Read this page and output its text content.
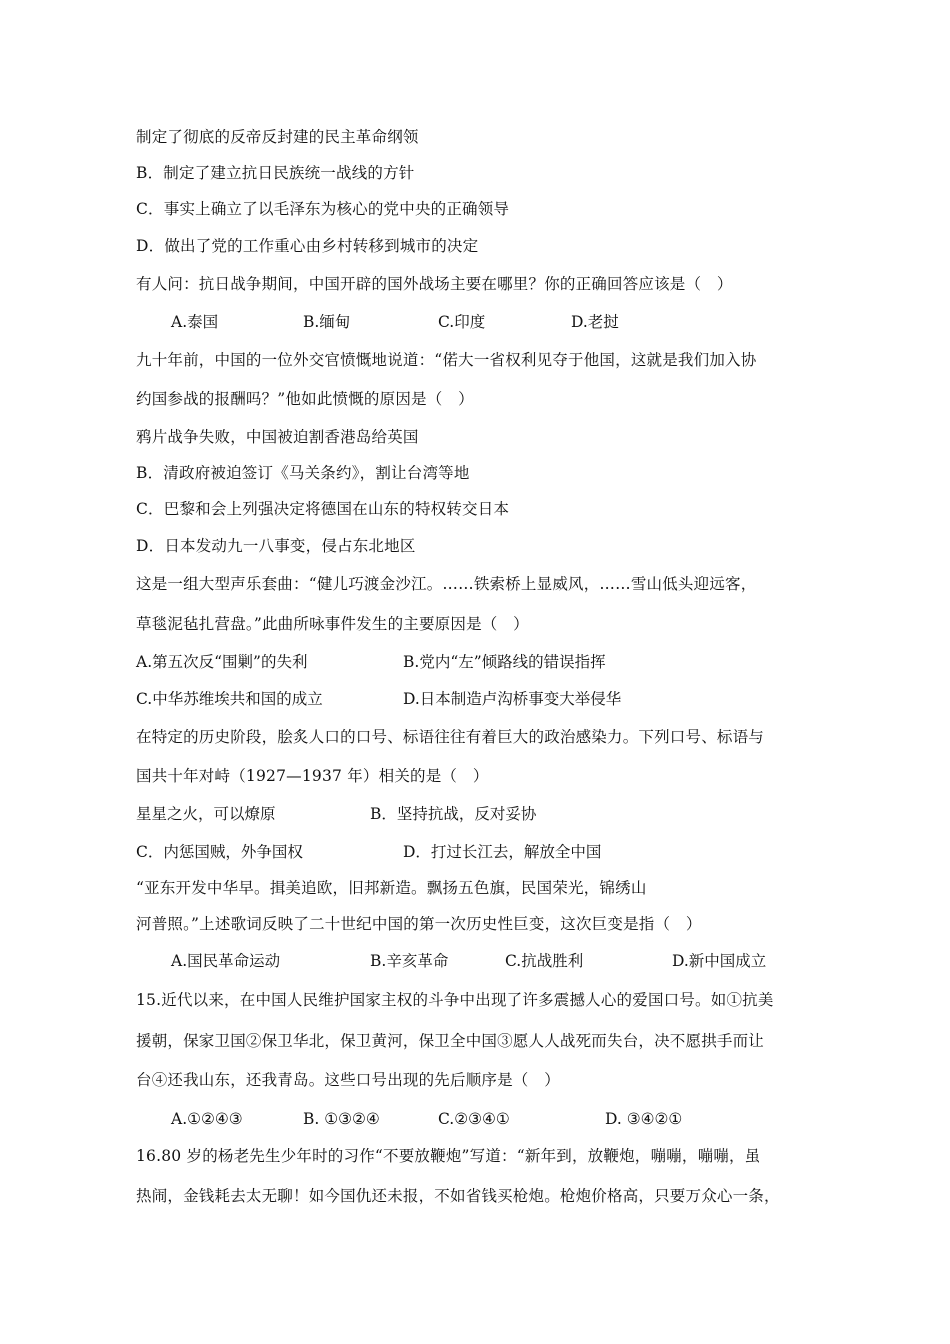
制定了彻底的反帝反封建的民主革命纲领
B．制定了建立抗日民族统一战线的方针
C．事实上确立了以毛泽东为核心的党中央的正确领导
D．做出了党的工作重心由乡村转移到城市的决定
有人问：抗日战争期间，中国开辟的国外战场主要在哪里？你的正确回答应该是（　）
A.泰国	B.缅甸	C.印度	D.老挝
九十年前，中国的一位外交官愤慨地说道：“偌大一省权利见夺于他国，这就是我们加入协
约国参战的报酬吗？”他如此愤慨的原因是（　）
鸦片战争失败，中国被迫割香港岛给英国
B．清政府被迫签订《马关条约》，割让台湾等地
C．巴黎和会上列强决定将德国在山东的特权转交日本
D．日本发动九一八事变，侵占东北地区
这是一组大型声乐套曲：“健儿巧渡金沙江。……铁索桥上显威风，……雪山低头迎远客，
草毯泥毡扎营盘。”此曲所咏事件发生的主要原因是（　）
A.第五次反“围剿”的失利	B.党内“左”倾路线的错误指挥
C.中华苏维埃共和国的成立	D.日本制造卢沟桥事变大举侵华
在特定的历史阶段，脍炙人口的口号、标语往往有着巨大的政治感染力。下列口号、标语与
国共十年对峙（1927—1937 年）相关的是（　）
星星之火，可以燎原	B．坚持抗战，反对妥协
C．内惩国贼，外争国权	D．打过长江去，解放全中国
“亚东开发中华早。揖美追欧，旧邦新造。飘扬五色旗，民国荣光，锦绣山
河普照。”上述歌词反映了二十世纪中国的第一次历史性巨变，这次巨变是指（　）
A.国民革命运动	B.辛亥革命	C.抗战胜利	D.新中国成立
15.近代以来，在中国人民维护国家主权的斗争中出现了许多震撼人心的爱国口号。如①抗美
援朝，保家卫国②保卫华北，保卫黄河，保卫全中国③愿人人战死而失台，决不愿拱手而让
台④还我山东，还我青岛。这些口号出现的先后顺序是（　）
A.①②④③	B. ①③②④	C.②③④①	D. ③④②①
16.80 岁的杨老先生少年时的习作“不要放鞭炮”写道：“新年到，放鞭炮，嘣嘣，嘣嘣，虽
热闹，金钱耗去太无聊！如今国仇还未报，不如省钱买枪炮。枪炮价格高，只要万众心一条，
